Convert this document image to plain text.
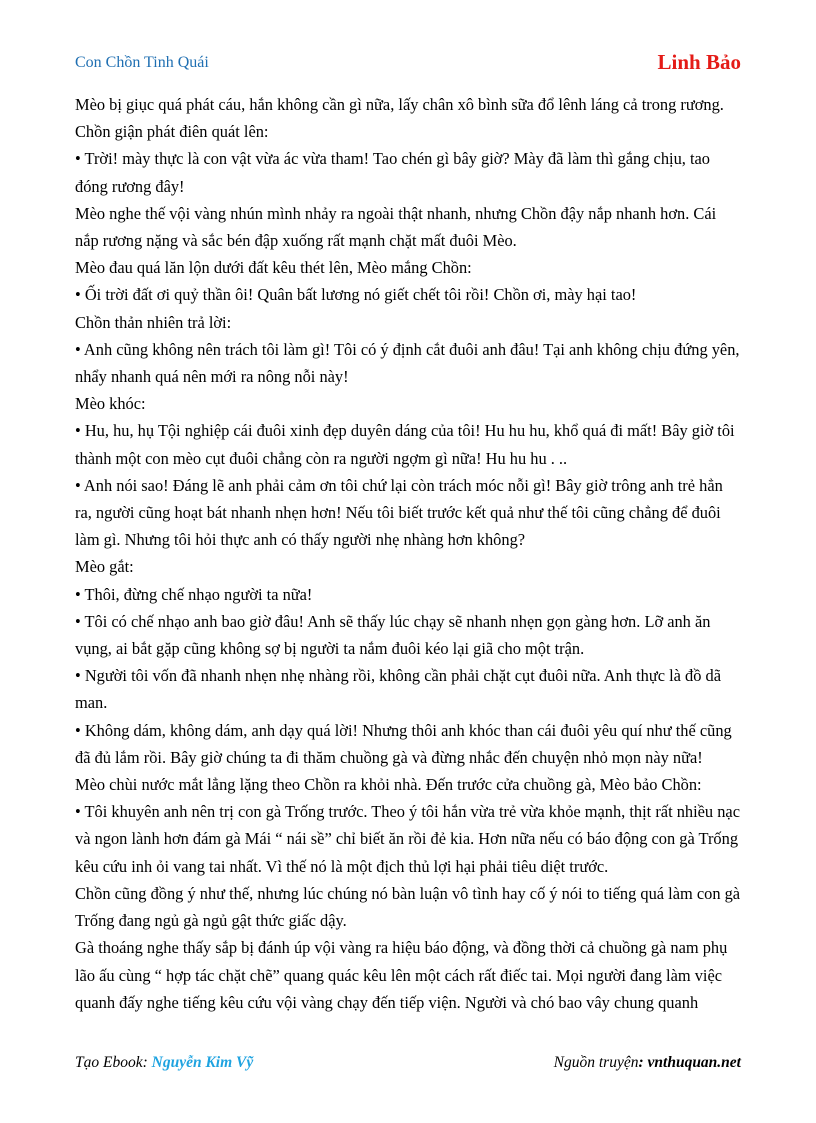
Con Chồn Tinh Quái	Linh Bảo

Mèo bị giục quá phát cáu, hắn không cần gì nữa, lấy chân xô bình sữa đổ lênh láng cả trong rương.

Chồn giận phát điên quát lên:

• Trời! mày thực là con vật vừa ác vừa tham! Tao chén gì bây giờ? Mày đã làm thì gắng chịu, tao đóng rương đây!

Mèo nghe thế vội vàng nhún mình nhảy ra ngoài thật nhanh, nhưng Chồn đậy nắp nhanh hơn. Cái nắp rương nặng và sắc bén đập xuống rất mạnh chặt mất đuôi Mèo.

Mèo đau quá lăn lộn dưới đất kêu thét lên, Mèo mắng Chồn:

• Ối trời đất ơi quỷ thần ôi! Quân bất lương nó giết chết tôi rồi! Chồn ơi, mày hại tao!

Chồn thản nhiên trả lời:

• Anh cũng không nên trách tôi làm gì! Tôi có ý định cắt đuôi anh đâu! Tại anh không chịu đứng yên, nhẩy nhanh quá nên mới ra nông nỗi này!

Mèo khóc:

• Hu, hu, hụ Tội nghiệp cái đuôi xinh đẹp duyên dáng của tôi! Hu hu hu, khổ quá đi mất! Bây giờ tôi thành một con mèo cụt đuôi chẳng còn ra người ngợm gì nữa! Hu hu hu . ..

• Anh nói sao! Đáng lẽ anh phải cảm ơn tôi chứ lại còn trách móc nỗi gì! Bây giờ trông anh trẻ hẳn ra, người cũng hoạt bát nhanh nhẹn hơn! Nếu tôi biết trước kết quả như thế tôi cũng chẳng để đuôi làm gì. Nhưng tôi hỏi thực anh có thấy người nhẹ nhàng hơn không?

Mèo gắt:

• Thôi, đừng chế nhạo người ta nữa!

• Tôi có chế nhạo anh bao giờ đâu! Anh sẽ thấy lúc chạy sẽ nhanh nhẹn gọn gàng hơn. Lỡ anh ăn vụng, ai bắt gặp cũng không sợ bị người ta nắm đuôi kéo lại giã cho một trận.

• Người tôi vốn đã nhanh nhẹn nhẹ nhàng rồi, không cần phải chặt cụt đuôi nữa. Anh thực là đồ dã man.

• Không dám, không dám, anh dạy quá lời! Nhưng thôi anh khóc than cái đuôi yêu quí như thế cũng đã đủ lắm rồi. Bây giờ chúng ta đi thăm chuồng gà và đừng nhắc đến chuyện nhỏ mọn này nữa!

Mèo chùi nước mắt lẳng lặng theo Chồn ra khỏi nhà. Đến trước cửa chuồng gà, Mèo bảo Chồn:

• Tôi khuyên anh nên trị con gà Trống trước. Theo ý tôi hắn vừa trẻ vừa khỏe mạnh, thịt rất nhiều nạc và ngon lành hơn đám gà Mái “ nái sề” chỉ biết ăn rồi đẻ kia. Hơn nữa nếu có báo động con gà Trống kêu cứu inh ỏi vang tai nhất. Vì thế nó là một địch thủ lợi hại phải tiêu diệt trước.

Chồn cũng đồng ý như thế, nhưng lúc chúng nó bàn luận vô tình hay cố ý nói to tiếng quá làm con gà Trống đang ngủ gà ngủ gật thức giấc dậy.

Gà thoáng nghe thấy sắp bị đánh úp vội vàng ra hiệu báo động, và đồng thời cả chuồng gà nam phụ lão ấu cùng “ hợp tác chặt chẽ” quang quác kêu lên một cách rất điếc tai. Mọi người đang làm việc quanh đấy nghe tiếng kêu cứu vội vàng chạy đến tiếp viện. Người và chó bao vây chung quanh

Tạo Ebook: Nguyễn Kim Vỹ	Nguồn truyện: vnthuquan.net
